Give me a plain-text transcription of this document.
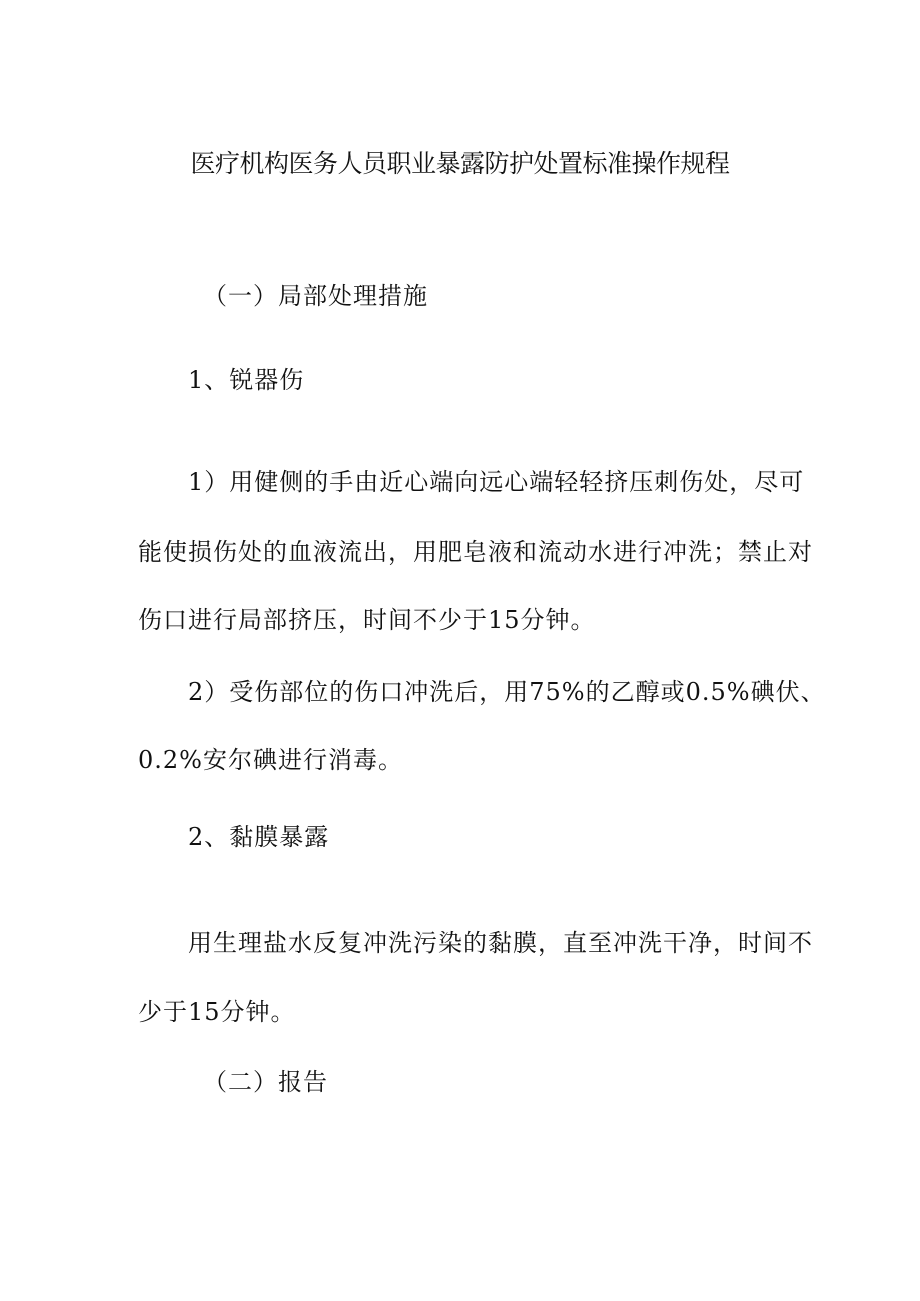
医疗机构医务人员职业暴露防护处置标准操作规程
（一）局部处理措施
1、锐器伤
1）用健侧的手由近心端向远心端轻轻挤压刺伤处，尽可
能使损伤处的血液流出，用肥皂液和流动水进行冲洗；禁止对
伤口进行局部挤压，时间不少于15分钟。
2）受伤部位的伤口冲洗后，用75%的乙醇或0.5%碘伏、
0.2%安尔碘进行消毒。
2、黏膜暴露
用生理盐水反复冲洗污染的黏膜，直至冲洗干净，时间不
少于15分钟。
（二）报告
